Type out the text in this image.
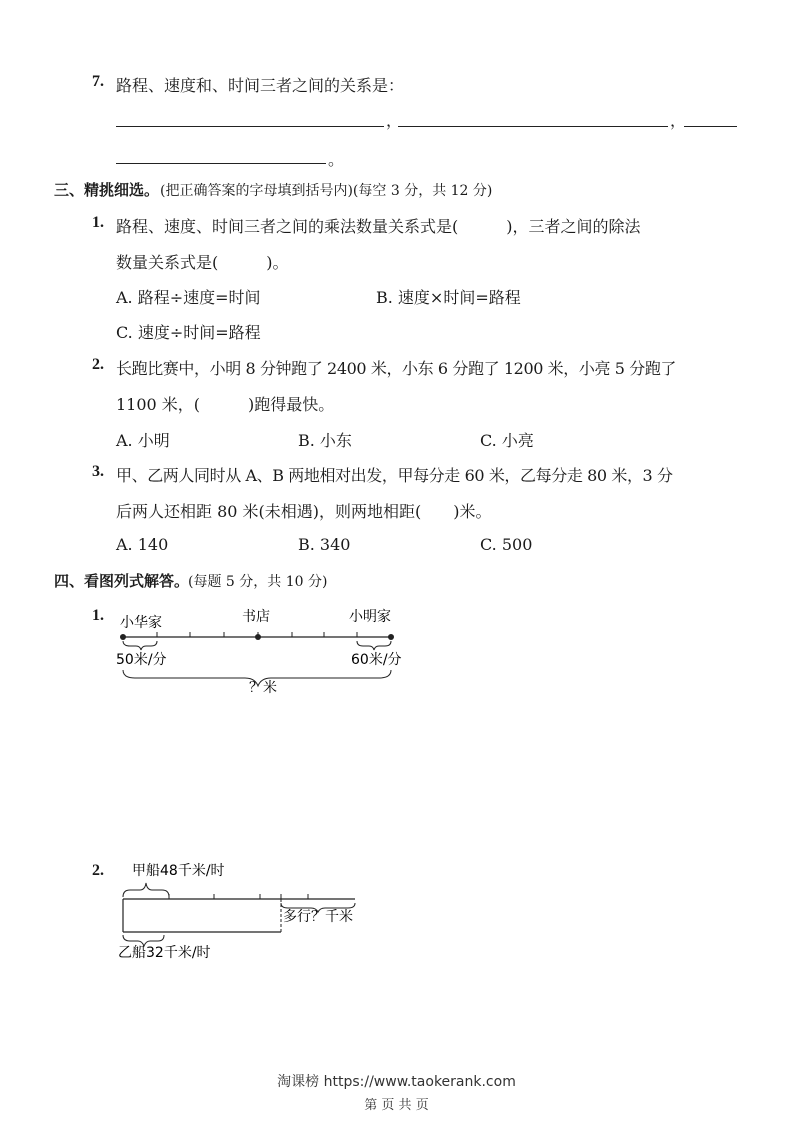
7. 路程、速度和、时间三者之间的关系是：
，	，
。
三、精挑细选。 (把正确答案的字母填到括号内)(每空 3 分，共 12 分)
1. 路程、速度、时间三者之间的乘法数量关系式是(　　　)，三者之间的除法
数量关系式是(　　　)。
A. 路程÷速度=时间	B. 速度×时间=路程
C. 速度÷时间=路程
2. 长跑比赛中，小明 8 分钟跑了 2400 米，小东 6 分跑了 1200 米，小亮 5 分跑了
1100 米，(　　　)跑得最快。
A. 小明	B. 小东	C. 小亮
3. 甲、乙两人同时从 A、B 两地相对出发，甲每分走 60 米，乙每分走 80 米，3 分
后两人还相距 80 米(未相遇)，则两地相距(　　)米。
A. 140	B. 340	C. 500
四、看图列式解答。
(每题 5 分，共 10 分)
1. 小华家	书店	小明家
50米/分	60米/分
？米
2. 甲船48千米/时
多行？千米
乙船32千米/时
淘课榜 https://www.taokerank.com
第 页 共 页
